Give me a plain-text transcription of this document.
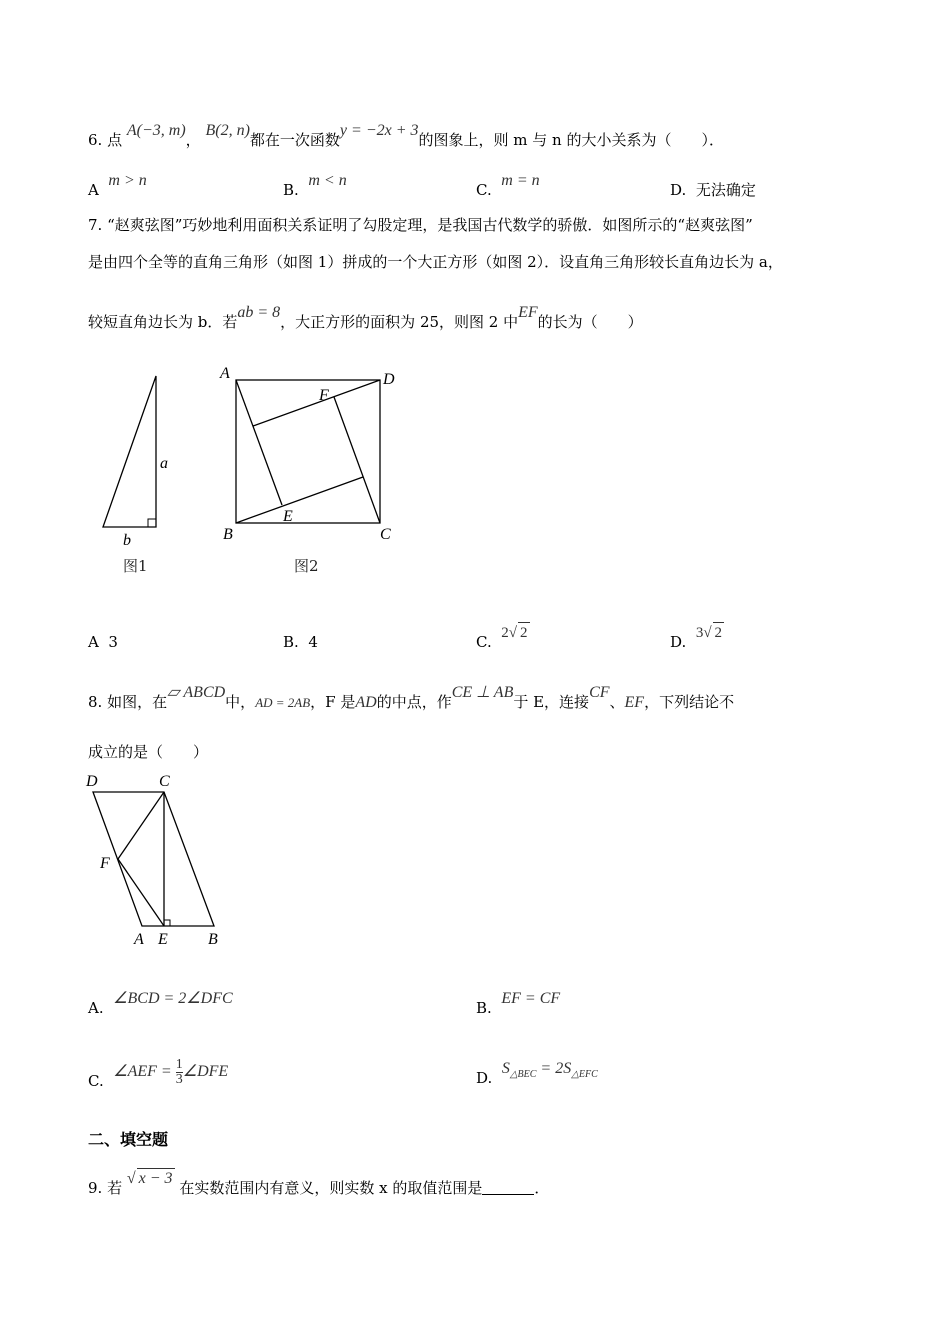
6. 点 A(−3, m)， B(2, n)都在一次函数y = −2x + 3的图象上，则 m 与 n 的大小关系为（　　）．
A  m > n
B.  m < n
C.  m = n
D. 无法确定
7. “赵爽弦图”巧妙地利用面积关系证明了勾股定理，是我国古代数学的骄傲．如图所示的“赵爽弦图”
是由四个全等的直角三角形（如图 1）拼成的一个大正方形（如图 2）．设直角三角形较长直角边长为 a，
较短直角边长为 b．若ab = 8，大正方形的面积为 25，则图 2 中EF的长为（　　）
a
b
图1
A	D
F
E
B	C
图2
A 3	B. 4	C. 2√ 2	D. 3√ 2
8. 如图，在▱ ABCD中，AD = 2AB，F 是AD的中点，作CE ⊥ AB于 E，连接CF、EF，下列结论不
成立的是（　　）
D	C
F
A E	B
A.  ∠BCD = 2∠DFC
B.  EF = CF
C.  ∠AEF = $\frac{1}{3}$ ∠DFE	D.  $S_{\triangle BEC} = 2S_{\triangle EFC}$
二、填空题
9. 若 √ x − 3 在实数范围内有意义，则实数 x 的取值范围是	．
